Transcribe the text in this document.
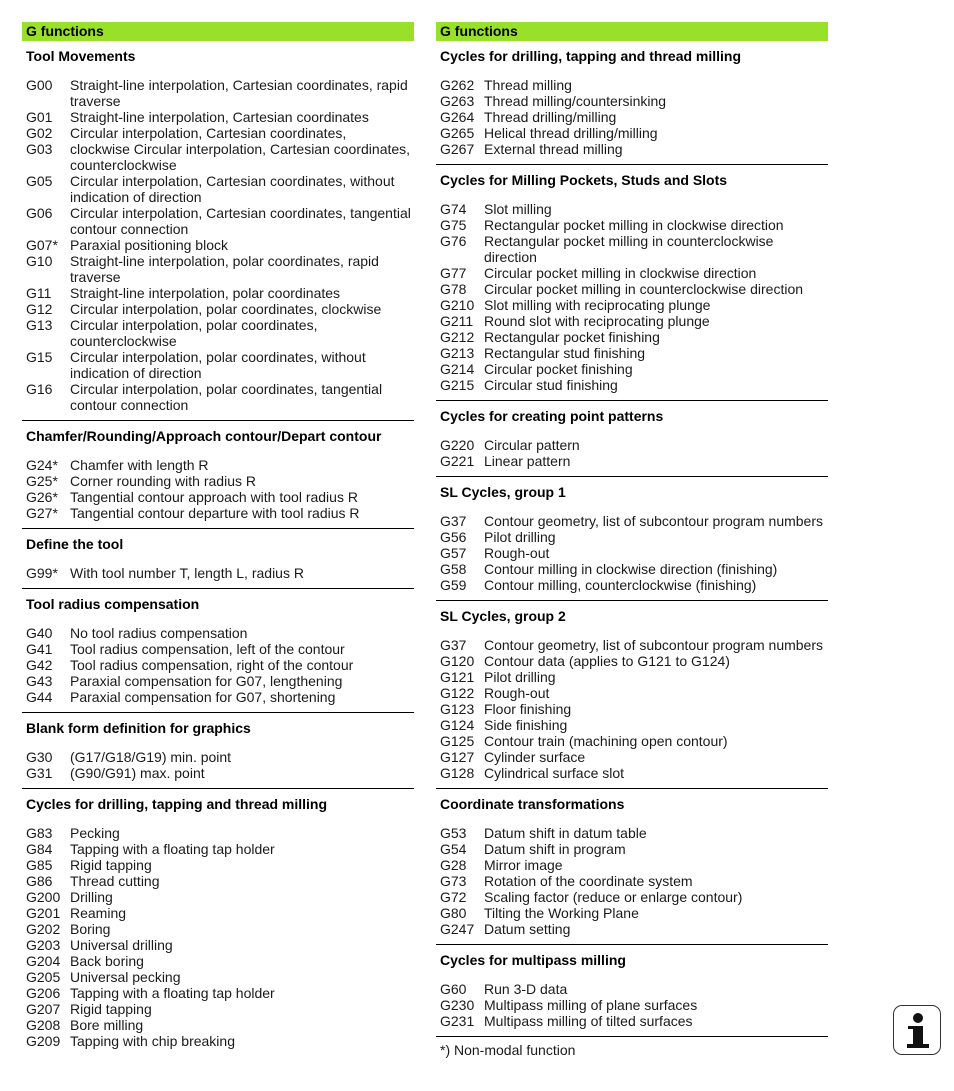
G functions
Tool Movements
G00	Straight-line interpolation, Cartesian coordinates, rapid traverse
G01	Straight-line interpolation, Cartesian coordinates
G02	Circular interpolation, Cartesian coordinates,
G03	clockwise Circular interpolation, Cartesian coordinates, counterclockwise
G05	Circular interpolation, Cartesian coordinates, without indication of direction
G06	Circular interpolation, Cartesian coordinates, tangential contour connection
G07* Paraxial positioning block
G10	Straight-line interpolation, polar coordinates, rapid traverse
G11	Straight-line interpolation, polar coordinates
G12	Circular interpolation, polar coordinates, clockwise
G13	Circular interpolation, polar coordinates, counterclockwise
G15	Circular interpolation, polar coordinates, without indication of direction
G16	Circular interpolation, polar coordinates, tangential contour connection
Chamfer/Rounding/Approach contour/Depart contour
G24* Chamfer with length R
G25* Corner rounding with radius R
G26* Tangential contour approach with tool radius R
G27* Tangential contour departure with tool radius R
Define the tool
G99* With tool number T, length L, radius R
Tool radius compensation
G40	No tool radius compensation
G41	Tool radius compensation, left of the contour
G42	Tool radius compensation, right of the contour
G43	Paraxial compensation for G07, lengthening
G44	Paraxial compensation for G07, shortening
Blank form definition for graphics
G30	(G17/G18/G19) min. point
G31	(G90/G91) max. point
Cycles for drilling, tapping and thread milling
G83	Pecking
G84	Tapping with a floating tap holder
G85	Rigid tapping
G86	Thread cutting
G200 Drilling
G201 Reaming
G202 Boring
G203 Universal drilling
G204 Back boring
G205 Universal pecking
G206 Tapping with a floating tap holder
G207 Rigid tapping
G208 Bore milling
G209 Tapping with chip breaking
G functions
Cycles for drilling, tapping and thread milling
G262 Thread milling
G263 Thread milling/countersinking
G264 Thread drilling/milling
G265 Helical thread drilling/milling
G267 External thread milling
Cycles for Milling Pockets, Studs and Slots
G74	Slot milling
G75	Rectangular pocket milling in clockwise direction
G76	Rectangular pocket milling in counterclockwise direction
G77	Circular pocket milling in clockwise direction
G78	Circular pocket milling in counterclockwise direction
G210 Slot milling with reciprocating plunge
G211 Round slot with reciprocating plunge
G212 Rectangular pocket finishing
G213 Rectangular stud finishing
G214 Circular pocket finishing
G215 Circular stud finishing
Cycles for creating point patterns
G220 Circular pattern
G221 Linear pattern
SL Cycles, group 1
G37	Contour geometry, list of subcontour program numbers
G56	Pilot drilling
G57	Rough-out
G58	Contour milling in clockwise direction (finishing)
G59	Contour milling, counterclockwise (finishing)
SL Cycles, group 2
G37	Contour geometry, list of subcontour program numbers
G120 Contour data (applies to G121 to G124)
G121 Pilot drilling
G122 Rough-out
G123 Floor finishing
G124 Side finishing
G125 Contour train (machining open contour)
G127 Cylinder surface
G128 Cylindrical surface slot
Coordinate transformations
G53	Datum shift in datum table
G54	Datum shift in program
G28	Mirror image
G73	Rotation of the coordinate system
G72	Scaling factor (reduce or enlarge contour)
G80	Tilting the Working Plane
G247 Datum setting
Cycles for multipass milling
G60	Run 3-D data
G230 Multipass milling of plane surfaces
G231 Multipass milling of tilted surfaces
*) Non-modal function
